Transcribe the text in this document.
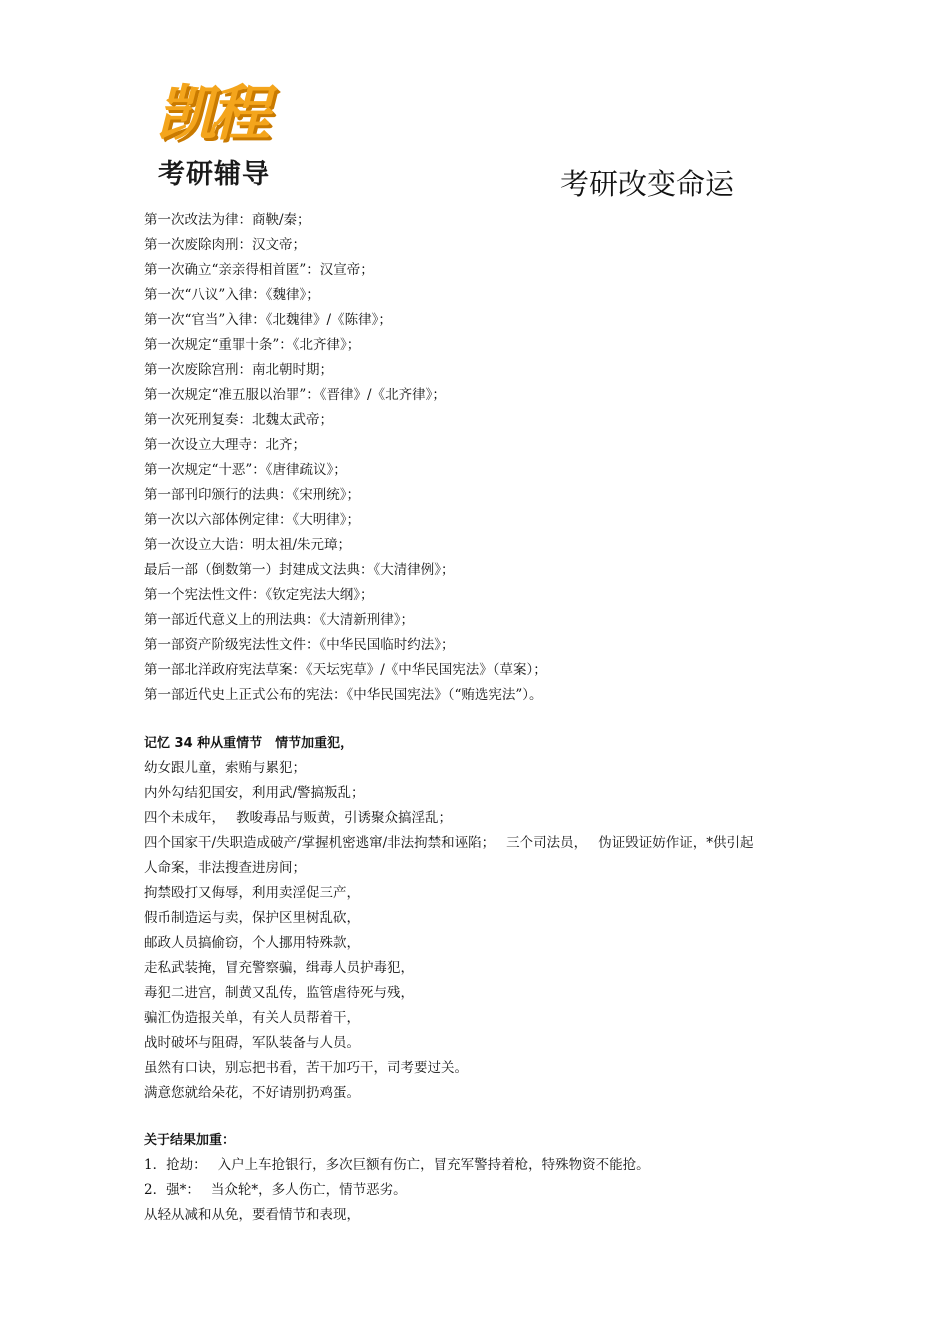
凯程
考研辅导	考研改变命运
第一次改法为律：商鞅/秦；
第一次废除肉刑：汉文帝；
第一次确立“亲亲得相首匿”：汉宣帝；
第一次“八议”入律：《魏律》；
第一次“官当”入律：《北魏律》/《陈律》；
第一次规定“重罪十条”：《北齐律》；
第一次废除宫刑：南北朝时期；
第一次规定“准五服以治罪”：《晋律》/《北齐律》；
第一次死刑复奏：北魏太武帝；
第一次设立大理寺：北齐；
第一次规定“十恶”：《唐律疏议》；
第一部刊印颁行的法典：《宋刑统》；
第一次以六部体例定律：《大明律》；
第一次设立大诰：明太祖/朱元璋；
最后一部（倒数第一）封建成文法典：《大清律例》；
第一个宪法性文件：《钦定宪法大纲》；
第一部近代意义上的刑法典：《大清新刑律》；
第一部资产阶级宪法性文件：《中华民国临时约法》；
第一部北洋政府宪法草案：《天坛宪草》/《中华民国宪法》（草案）；
第一部近代史上正式公布的宪法：《中华民国宪法》（“贿选宪法”）。
记忆 34 种从重情节　情节加重犯，
幼女跟儿童，索贿与累犯；
内外勾结犯国安，利用武/警搞叛乱；
四个未成年，　 教唆毒品与贩黄，引诱聚众搞淫乱；
四个国家干/失职造成破产/掌握机密逃窜/非法拘禁和诬陷；　 三个司法员，　 伪证毁证妨作证，*供引起
人命案，非法搜查进房间；
拘禁殴打又侮辱，利用卖淫促三产，
假币制造运与卖，保护区里树乱砍，
邮政人员搞偷窃，个人挪用特殊款，
走私武装掩，冒充警察骗，缉毒人员护毒犯，
毒犯二进宫，制黄又乱传，监管虐待死与残，
骗汇伪造报关单，有关人员帮着干，
战时破坏与阻碍，军队装备与人员。
虽然有口诀，别忘把书看，苦干加巧干，司考要过关。
满意您就给朵花，不好请别扔鸡蛋。
关于结果加重：
1．抢劫：　 入户上车抢银行，多次巨额有伤亡，冒充军警持着枪，特殊物资不能抢。
2．强*：　 当众轮*，多人伤亡，情节恶劣。
从轻从减和从免，要看情节和表现，
